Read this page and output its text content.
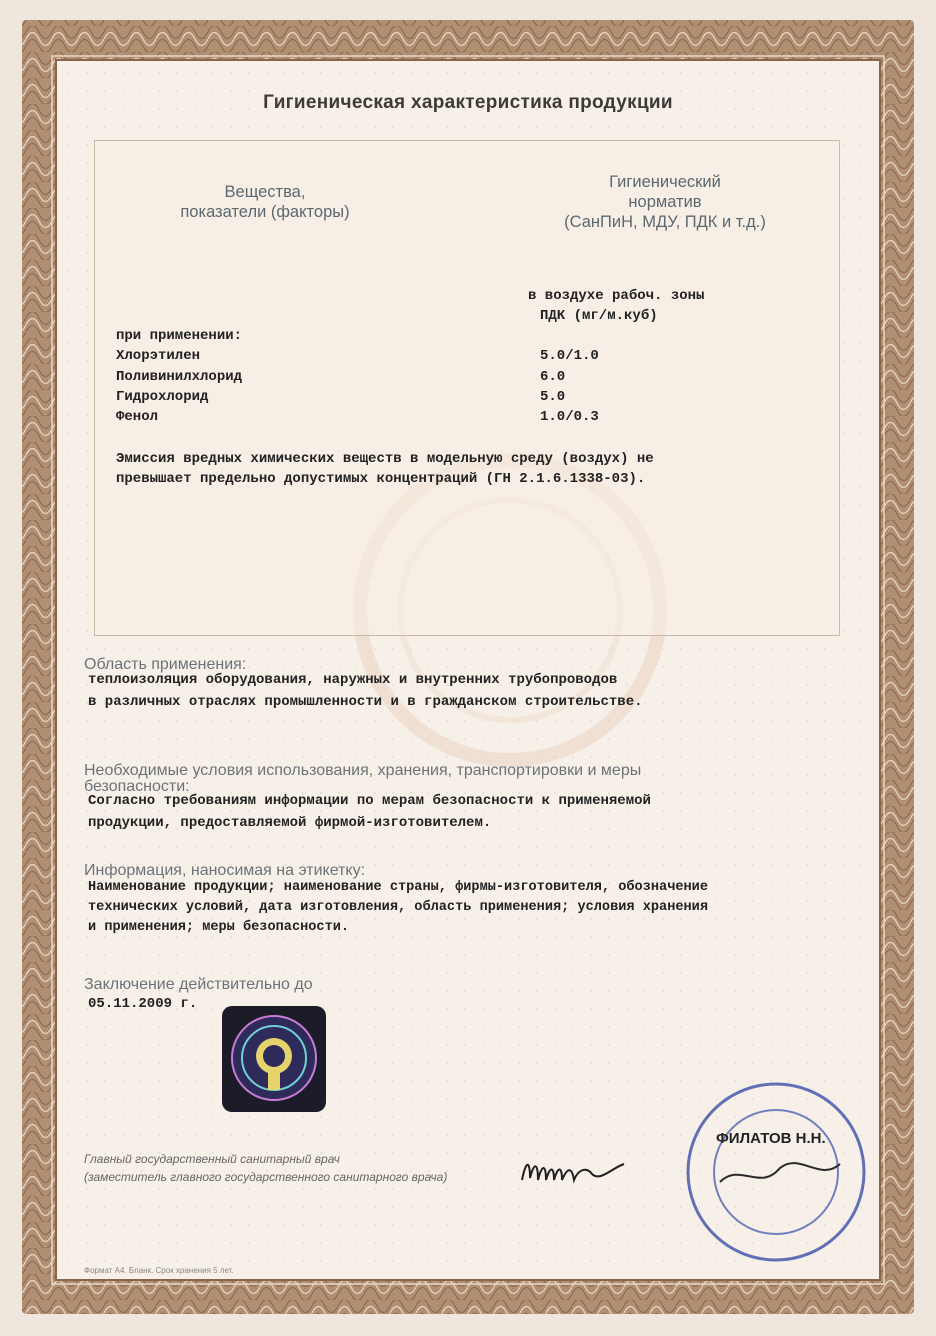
Гигиеническая характеристика продукции
Вещества,
показатели (факторы)
Гигиенический
норматив
(СанПиН, МДУ, ПДК и т.д.)
в воздухе рабоч. зоны
ПДК (мг/м.куб)
при применении:
Хлорэтилен	5.0/1.0
Поливинилхлорид	6.0
Гидрохлорид	5.0
Фенол	1.0/0.3
Эмиссия вредных химических веществ в модельную среду (воздух) не
превышает предельно допустимых концентраций (ГН 2.1.6.1338-03).
Область применения:
теплоизоляция оборудования, наружных и внутренних трубопроводов
в различных отраслях промышленности и в гражданском строительстве.
Необходимые условия использования, хранения, транспортировки и меры
безопасности:
Согласно требованиям информации по мерам безопасности к применяемой
продукции, предоставляемой фирмой-изготовителем.
Информация, наносимая на этикетку:
Наименование продукции; наименование страны, фирмы-изготовителя, обозначение
технических условий, дата изготовления, область применения; условия хранения
и применения; меры безопасности.
Заключение действительно до
05.11.2009 г.
Главный государственный санитарный врач
(заместитель главного государственного санитарного врача)
ФИЛАТОВ Н.Н.
Формат А4. Бланк. Срок хранения 5 лет.
